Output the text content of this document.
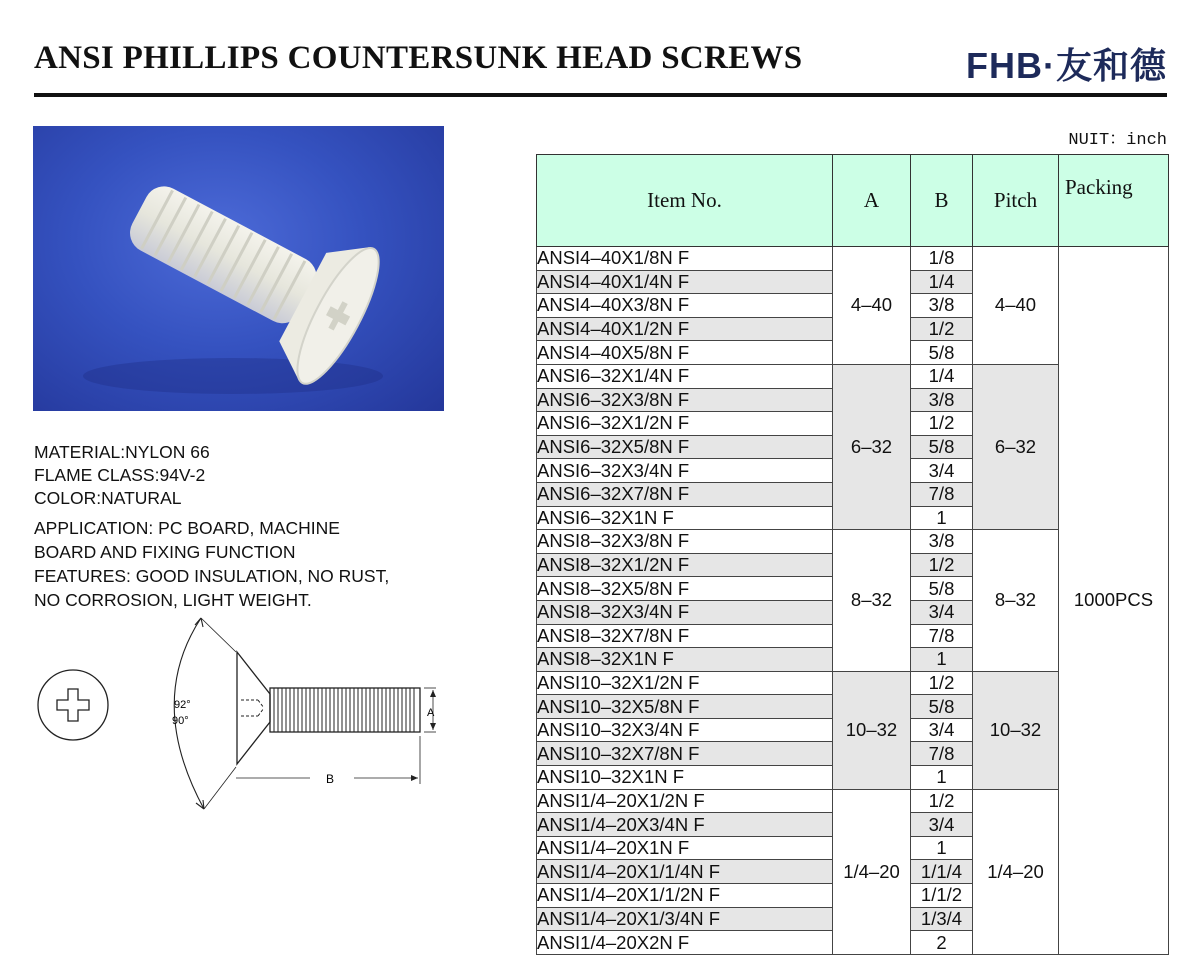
ANSI PHILLIPS COUNTERSUNK HEAD SCREWS	FHB·友和德
MATERIAL:NYLON 66
FLAME CLASS:94V-2
COLOR:NATURAL
APPLICATION: PC BOARD, MACHINE
BOARD AND FIXING FUNCTION
FEATURES: GOOD INSULATION, NO RUST,
NO CORROSION, LIGHT WEIGHT.
92°
90°
A
B
NUIT：inch
Item No.	A	B	Pitch	Packing
ANSI4–40X1/8N F	4–40	1/8	4–40	1000PCS
ANSI4–40X1/4N F		1/4		
ANSI4–40X3/8N F		3/8		
ANSI4–40X1/2N F		1/2		
ANSI4–40X5/8N F		5/8		
ANSI6–32X1/4N F	6–32	1/4	6–32	
ANSI6–32X3/8N F		3/8		
ANSI6–32X1/2N F		1/2		
ANSI6–32X5/8N F		5/8		
ANSI6–32X3/4N F		3/4		
ANSI6–32X7/8N F		7/8		
ANSI6–32X1N F		1		
ANSI8–32X3/8N F	8–32	3/8	8–32	
ANSI8–32X1/2N F		1/2		
ANSI8–32X5/8N F		5/8		
ANSI8–32X3/4N F		3/4		
ANSI8–32X7/8N F		7/8		
ANSI8–32X1N F		1		
ANSI10–32X1/2N F	10–32	1/2	10–32	
ANSI10–32X5/8N F		5/8		
ANSI10–32X3/4N F		3/4		
ANSI10–32X7/8N F		7/8		
ANSI10–32X1N F		1		
ANSI1/4–20X1/2N F	1/4–20	1/2	1/4–20	
ANSI1/4–20X3/4N F		3/4		
ANSI1/4–20X1N F		1		
ANSI1/4–20X1/1/4N F		1/1/4		
ANSI1/4–20X1/1/2N F		1/1/2		
ANSI1/4–20X1/3/4N F		1/3/4		
ANSI1/4–20X2N F		2		
